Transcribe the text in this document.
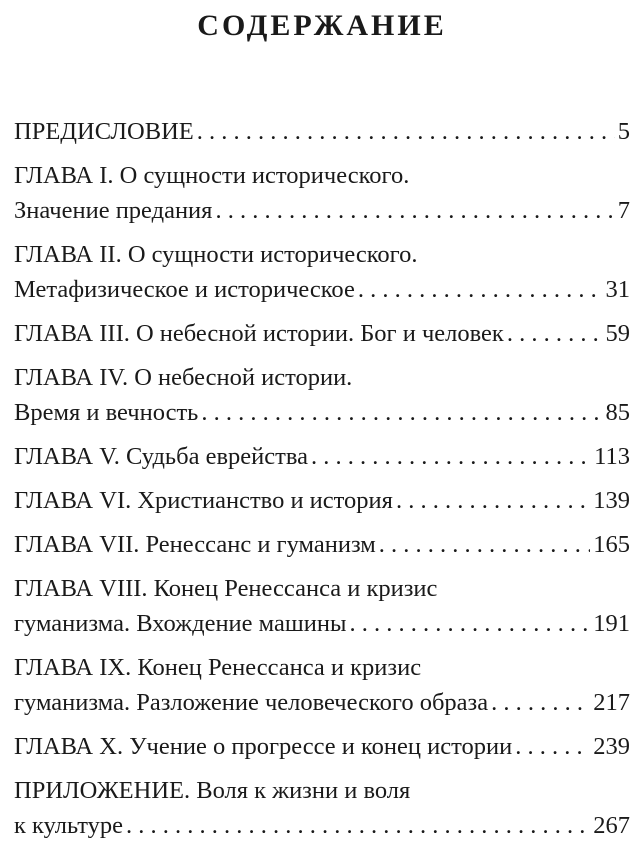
СОДЕРЖАНИЕ
ПРЕДИСЛОВИЕ . . .	5
ГЛАВА I. О сущности исторического.
Значение предания . . .	7
ГЛАВА II. О сущности исторического.
Метафизическое и историческое . . .	31
ГЛАВА III. О небесной истории. Бог и человек . . .	59
ГЛАВА IV. О небесной истории.
Время и вечность . . .	85
ГЛАВА V. Судьба еврейства . . .	113
ГЛАВА VI. Христианство и история . . .	139
ГЛАВА VII. Ренессанс и гуманизм . . .	165
ГЛАВА VIII. Конец Ренессанса и кризис
гуманизма. Вхождение машины . . .	191
ГЛАВА IX. Конец Ренессанса и кризис
гуманизма. Разложение человеческого образа . . .	217
ГЛАВА X. Учение о прогрессе и конец истории . . .	239
ПРИЛОЖЕНИЕ. Воля к жизни и воля
к культуре . . .	267
